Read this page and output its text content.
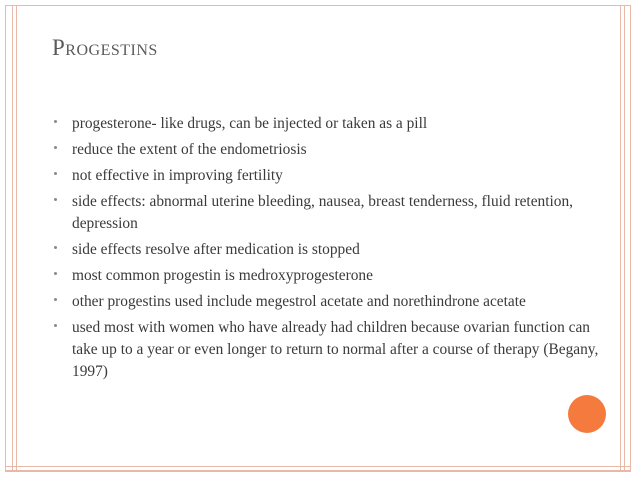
Progestins
progesterone- like drugs, can be injected or taken as a pill
reduce the extent of the endometriosis
not effective in improving fertility
side effects: abnormal uterine bleeding, nausea, breast tenderness, fluid retention, depression
side effects resolve after medication is stopped
most common progestin is medroxyprogesterone
other progestins used include megestrol acetate and norethindrone acetate
used most with women who have already had children because ovarian function can take up to a year or even longer to return to normal after a course of therapy (Begany, 1997)
